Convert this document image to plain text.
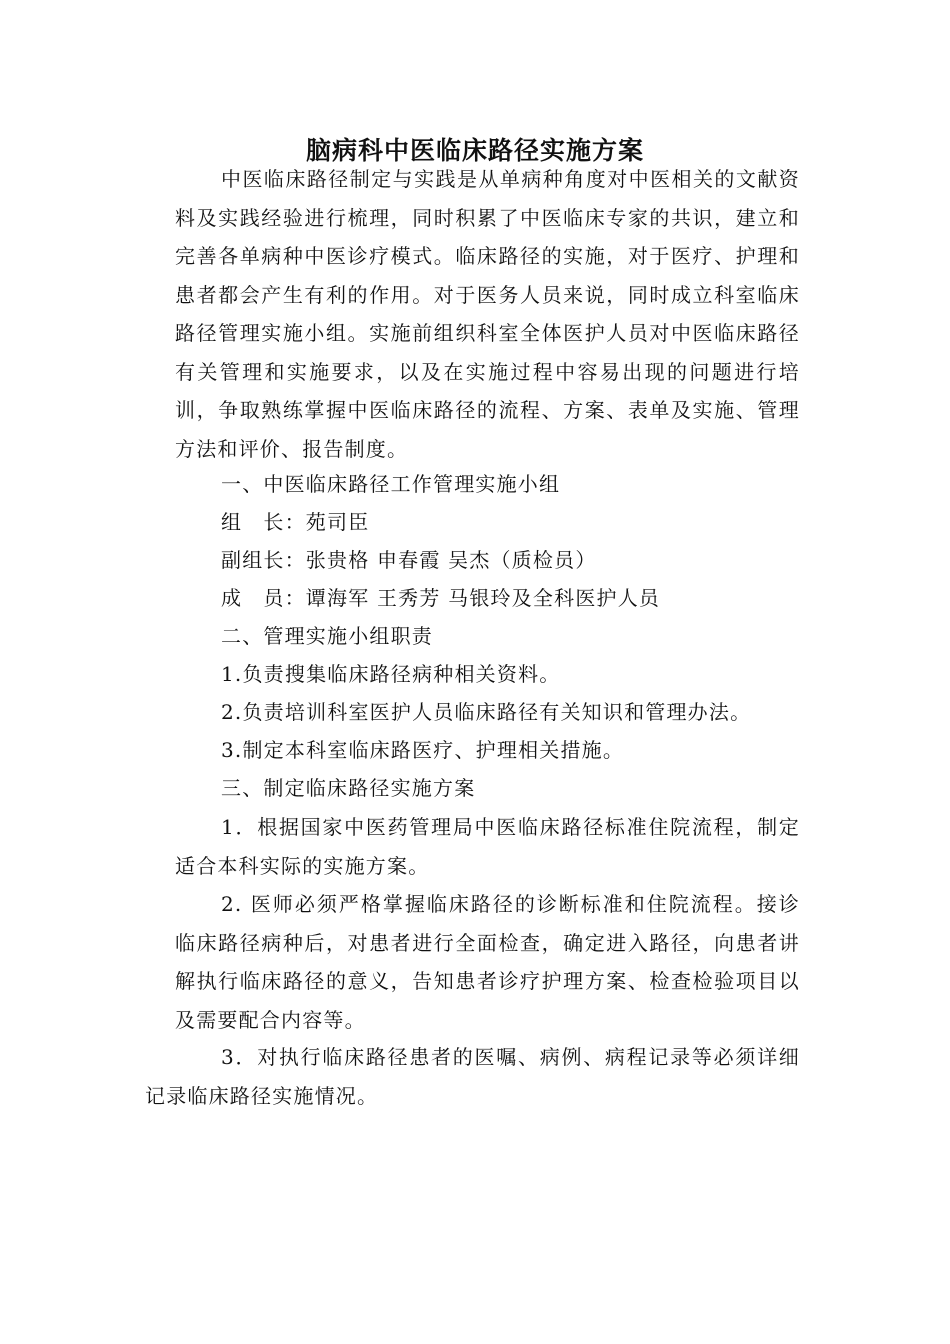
脑病科中医临床路径实施方案

中医临床路径制定与实践是从单病种角度对中医相关的文献资料及实践经验进行梳理，同时积累了中医临床专家的共识，建立和完善各单病种中医诊疗模式。临床路径的实施，对于医疗、护理和患者都会产生有利的作用。对于医务人员来说，同时成立科室临床路径管理实施小组。实施前组织科室全体医护人员对中医临床路径有关管理和实施要求，以及在实施过程中容易出现的问题进行培训，争取熟练掌握中医临床路径的流程、方案、表单及实施、管理方法和评价、报告制度。

一、中医临床路径工作管理实施小组

组　长：苑司臣

副组长：张贵格 申春霞 吴杰（质检员）

成　员：谭海军 王秀芳 马银玲及全科医护人员

二、管理实施小组职责

1.负责搜集临床路径病种相关资料。

2.负责培训科室医护人员临床路径有关知识和管理办法。

3.制定本科室临床路医疗、护理相关措施。

三、制定临床路径实施方案

1．根据国家中医药管理局中医临床路径标准住院流程，制定适合本科实际的实施方案。

2. 医师必须严格掌握临床路径的诊断标准和住院流程。接诊临床路径病种后，对患者进行全面检查，确定进入路径，向患者讲解执行临床路径的意义，告知患者诊疗护理方案、检查检验项目以及需要配合内容等。

3．对执行临床路径患者的医嘱、病例、病程记录等必须详细记录临床路径实施情况。
